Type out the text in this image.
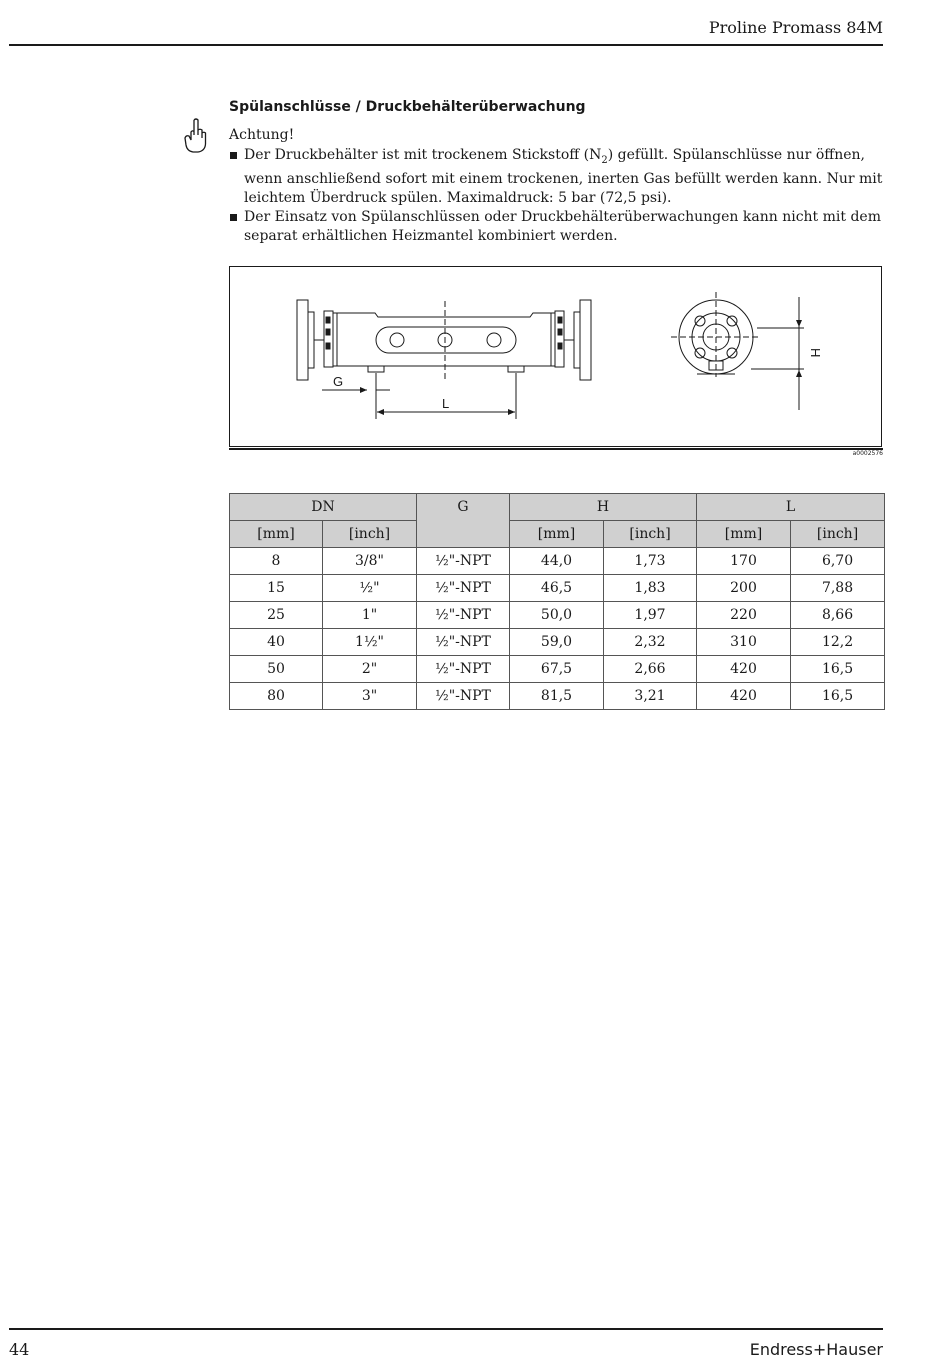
Proline Promass 84M
Spülanschlüsse / Druckbehälterüberwachung
Achtung!
Der Druckbehälter ist mit trockenem Stickstoff $(N_2)$ gefüllt. Spülanschlüsse nur öffnen, wenn anschließend sofort mit einem trockenen, inerten Gas befüllt werden kann. Nur mit leichtem Überdruck spülen. Maximaldruck: 5 bar (72,5 psi).
Der Einsatz von Spülanschlüssen oder Druckbehälterüberwachungen kann nicht mit dem separat erhältlichen Heizmantel kombiniert werden.
G
L
H
a0002576
DN		G	H		L	
[mm]	[inch]		[mm]	[inch]	[mm]	[inch]
8	3/8"	½"-NPT	44,0	1,73	170	6,70
15	½"	½"-NPT	46,5	1,83	200	7,88
25	1"	½"-NPT	50,0	1,97	220	8,66
40	1½"	½"-NPT	59,0	2,32	310	12,2
50	2"	½"-NPT	67,5	2,66	420	16,5
80	3"	½"-NPT	81,5	3,21	420	16,5
44	Endress+Hauser
